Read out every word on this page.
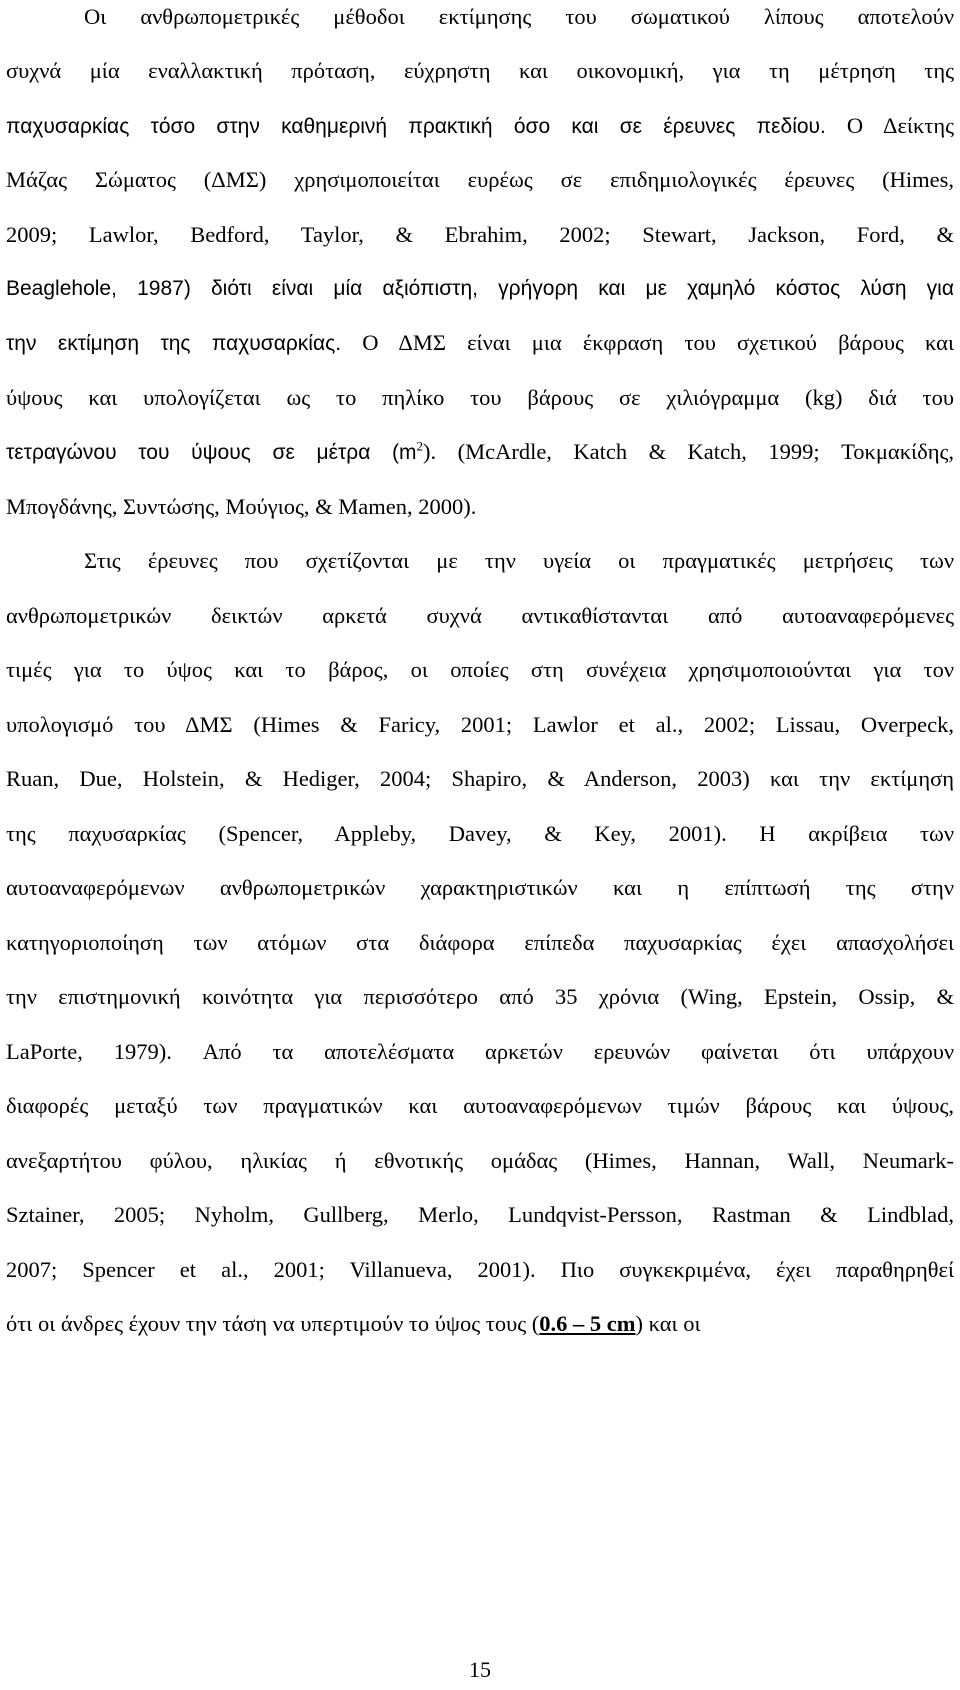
Οι ανθρωπομετρικές μέθοδοι εκτίμησης του σωματικού λίπους αποτελούν
συχνά μία εναλλακτική πρόταση, εύχρηστη και οικονομική, για τη μέτρηση της
παχυσαρκίας τόσο στην καθημερινή πρακτική όσο και σε έρευνες πεδίου. Ο Δείκτης
Μάζας Σώματος (ΔΜΣ) χρησιμοποιείται ευρέως σε επιδημιολογικές έρευνες (Himes,
2009; Lawlor, Bedford, Taylor, & Ebrahim, 2002; Stewart, Jackson, Ford, &
Beaglehole, 1987) διότι είναι μία αξιόπιστη, γρήγορη και με χαμηλό κόστος λύση για
την εκτίμηση της παχυσαρκίας. Ο ΔΜΣ είναι μια έκφραση του σχετικού βάρους και
ύψους και υπολογίζεται ως το πηλίκο του βάρους σε χιλιόγραμμα (kg) διά του
τετραγώνου του ύψους σε μέτρα $(m^2)$. (McArdle, Katch & Katch, 1999; Τοκμακίδης,
Μπογδάνης, Συντώσης, Μούγιος, & Mamen, 2000).
Στις έρευνες που σχετίζονται με την υγεία οι πραγματικές μετρήσεις των
ανθρωπομετρικών δεικτών αρκετά συχνά αντικαθίστανται από αυτοαναφερόμενες
τιμές για το ύψος και το βάρος, οι οποίες στη συνέχεια χρησιμοποιούνται για τον
υπολογισμό του ΔΜΣ (Himes & Faricy, 2001; Lawlor et al., 2002; Lissau, Overpeck,
Ruan, Due, Holstein, & Hediger, 2004; Shapiro, & Anderson, 2003) και την εκτίμηση
της παχυσαρκίας (Spencer, Appleby, Davey, & Key, 2001). Η ακρίβεια των
αυτοαναφερόμενων ανθρωπομετρικών χαρακτηριστικών και η επίπτωσή της στην
κατηγοριοποίηση των ατόμων στα διάφορα επίπεδα παχυσαρκίας έχει απασχολήσει
την επιστημονική κοινότητα για περισσότερο από 35 χρόνια (Wing, Epstein, Ossip, &
LaPorte, 1979). Από τα αποτελέσματα αρκετών ερευνών φαίνεται ότι υπάρχουν
διαφορές μεταξύ των πραγματικών και αυτοαναφερόμενων τιμών βάρους και ύψους,
ανεξαρτήτου φύλου, ηλικίας ή εθνοτικής ομάδας (Himes, Hannan, Wall, Neumark-
Sztainer, 2005; Nyholm, Gullberg, Merlo, Lundqvist-Persson, Rastman & Lindblad,
2007; Spencer et al., 2001; Villanueva, 2001). Πιο συγκεκριμένα, έχει παραθηρηθεί
ότι οι άνδρες έχουν την τάση να υπερτιμούν το ύψος τους (0.6 – 5 cm) και οι
15
